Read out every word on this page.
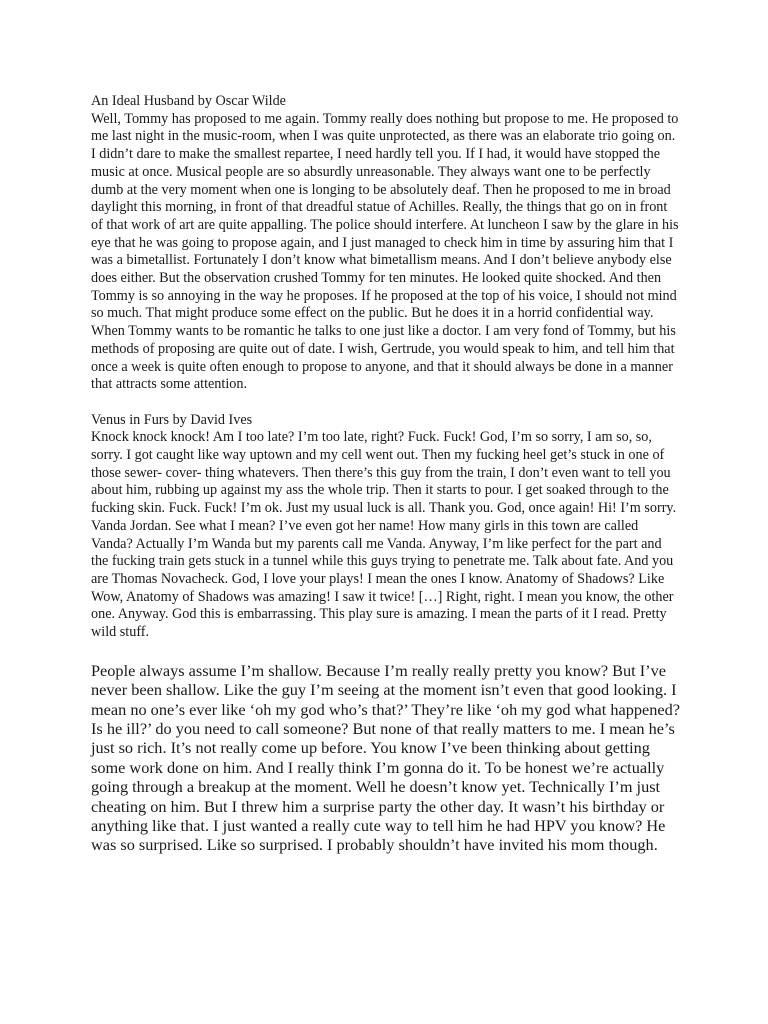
An Ideal Husband by Oscar Wilde
Well, Tommy has proposed to me again. Tommy really does nothing but propose to me. He proposed to me last night in the music-room, when I was quite unprotected, as there was an elaborate trio going on. I didn’t dare to make the smallest repartee, I need hardly tell you. If I had, it would have stopped the music at once. Musical people are so absurdly unreasonable. They always want one to be perfectly dumb at the very moment when one is longing to be absolutely deaf. Then he proposed to me in broad daylight this morning, in front of that dreadful statue of Achilles. Really, the things that go on in front of that work of art are quite appalling. The police should interfere. At luncheon I saw by the glare in his eye that he was going to propose again, and I just managed to check him in time by assuring him that I was a bimetallist. Fortunately I don’t know what bimetallism means. And I don’t believe anybody else does either. But the observation crushed Tommy for ten minutes. He looked quite shocked. And then Tommy is so annoying in the way he proposes. If he proposed at the top of his voice, I should not mind so much. That might produce some effect on the public. But he does it in a horrid confidential way. When Tommy wants to be romantic he talks to one just like a doctor. I am very fond of Tommy, but his methods of proposing are quite out of date. I wish, Gertrude, you would speak to him, and tell him that once a week is quite often enough to propose to anyone, and that it should always be done in a manner that attracts some attention.
Venus in Furs by David Ives
Knock knock knock! Am I too late? I’m too late, right? Fuck. Fuck! God, I’m so sorry, I am so, so, sorry. I got caught like way uptown and my cell went out. Then my fucking heel get’s stuck in one of those sewer- cover- thing whatevers. Then there’s this guy from the train, I don’t even want to tell you about him, rubbing up against my ass the whole trip. Then it starts to pour. I get soaked through to the fucking skin. Fuck. Fuck! I’m ok. Just my usual luck is all. Thank you. God, once again! Hi! I’m sorry. Vanda Jordan. See what I mean? I’ve even got her name! How many girls in this town are called Vanda? Actually I’m Wanda but my parents call me Vanda. Anyway, I’m like perfect for the part and the fucking train gets stuck in a tunnel while this guys trying to penetrate me. Talk about fate. And you are Thomas Novacheck. God, I love your plays! I mean the ones I know. Anatomy of Shadows? Like Wow, Anatomy of Shadows was amazing! I saw it twice! […] Right, right. I mean you know, the other one. Anyway. God this is embarrassing. This play sure is amazing. I mean the parts of it I read. Pretty wild stuff.
People always assume I’m shallow. Because I’m really really pretty you know? But I’ve never been shallow. Like the guy I’m seeing at the moment isn’t even that good looking. I mean no one’s ever like ‘oh my god who’s that?’ They’re like ‘oh my god what happened? Is he ill?’ do you need to call someone? But none of that really matters to me. I mean he’s just so rich. It’s not really come up before. You know I’ve been thinking about getting some work done on him. And I really think I’m gonna do it. To be honest we’re actually going through a breakup at the moment. Well he doesn’t know yet. Technically I’m just cheating on him. But I threw him a surprise party the other day. It wasn’t his birthday or anything like that. I just wanted a really cute way to tell him he had HPV you know? He was so surprised. Like so surprised. I probably shouldn’t have invited his mom though.
